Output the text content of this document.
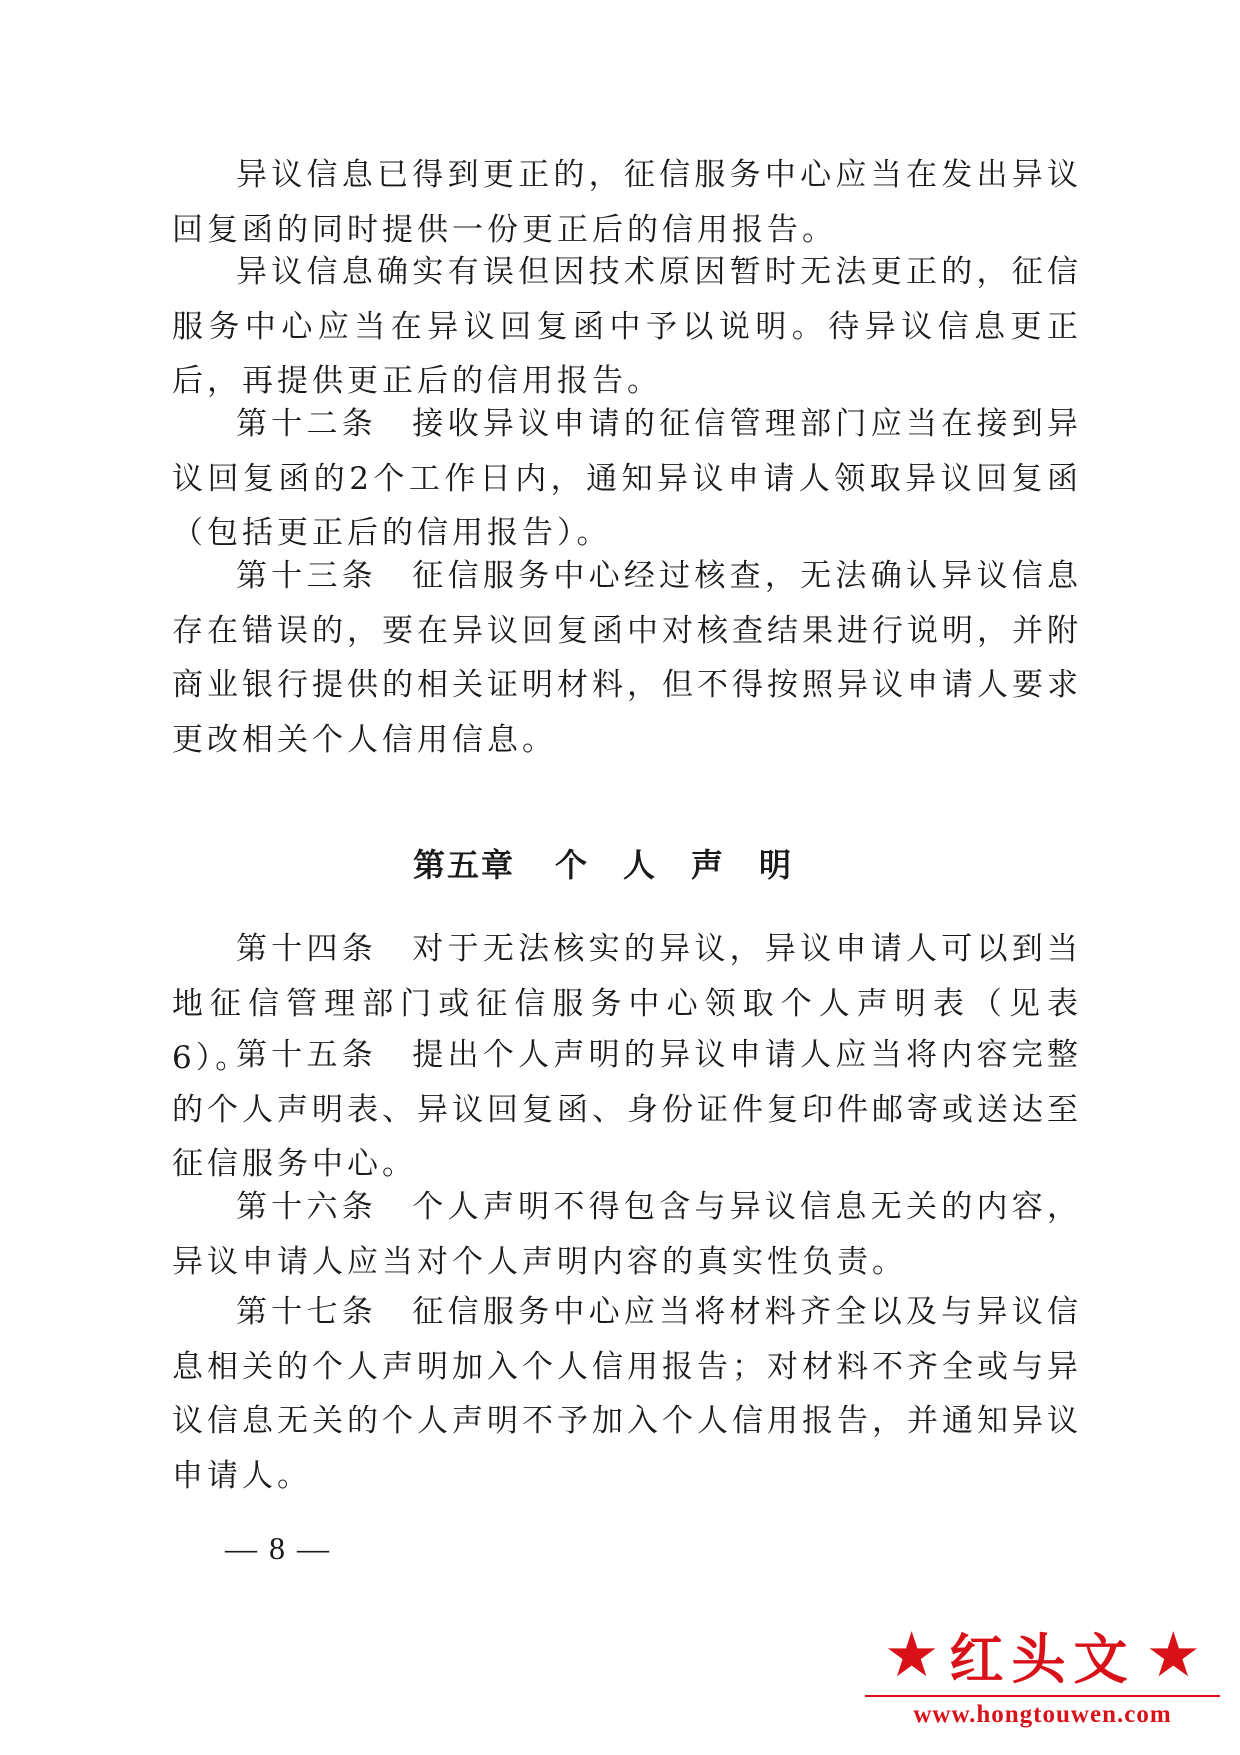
异议信息已得到更正的，征信服务中心应当在发出异议回复函的同时提供一份更正后的信用报告。

异议信息确实有误但因技术原因暂时无法更正的，征信服务中心应当在异议回复函中予以说明。待异议信息更正后，再提供更正后的信用报告。

第十二条　接收异议申请的征信管理部门应当在接到异议回复函的2个工作日内，通知异议申请人领取异议回复函（包括更正后的信用报告）。

第十三条　征信服务中心经过核查，无法确认异议信息存在错误的，要在异议回复函中对核查结果进行说明，并附商业银行提供的相关证明材料，但不得按照异议申请人要求更改相关个人信用信息。

第五章 个人声明

第十四条　对于无法核实的异议，异议申请人可以到当地征信管理部门或征信服务中心领取个人声明表（见表6）。

第十五条　提出个人声明的异议申请人应当将内容完整的个人声明表、异议回复函、身份证件复印件邮寄或送达至征信服务中心。

第十六条　个人声明不得包含与异议信息无关的内容，异议申请人应当对个人声明内容的真实性负责。

第十七条　征信服务中心应当将材料齐全以及与异议信息相关的个人声明加入个人信用报告；对材料不齐全或与异议信息无关的个人声明不予加入个人信用报告，并通知异议申请人。

— 8 —
★ 红头文 ★
www.hongtouwen.com
